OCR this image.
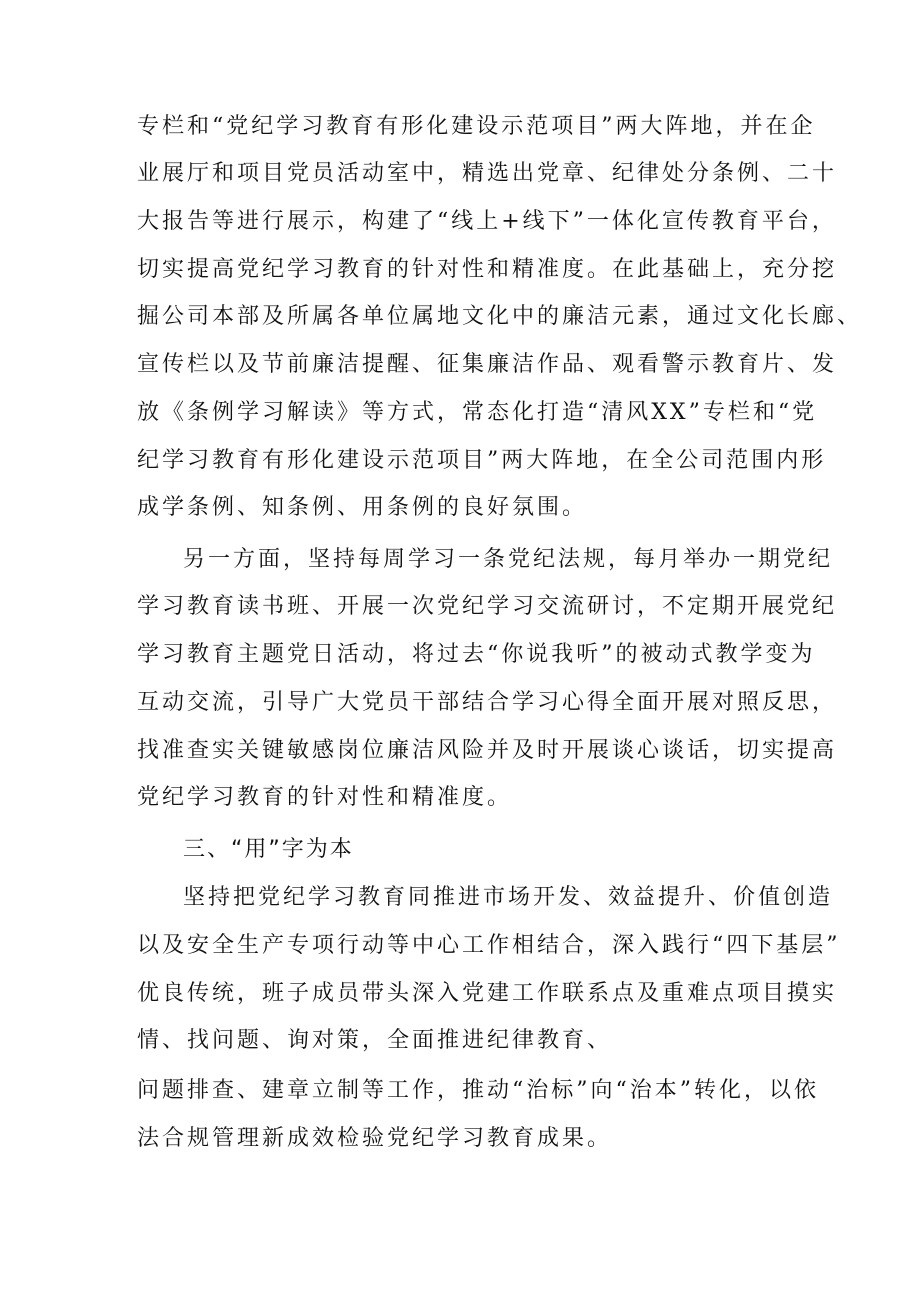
专栏和“党纪学习教育有形化建设示范项目”两大阵地，并在企
业展厅和项目党员活动室中，精选出党章、纪律处分条例、二十
大报告等进行展示，构建了“线上+线下”一体化宣传教育平台，
切实提高党纪学习教育的针对性和精准度。在此基础上，充分挖
掘公司本部及所属各单位属地文化中的廉洁元素，通过文化长廊、
宣传栏以及节前廉洁提醒、征集廉洁作品、观看警示教育片、发
放《条例学习解读》等方式，常态化打造“清风XX”专栏和“党
纪学习教育有形化建设示范项目”两大阵地，在全公司范围内形
成学条例、知条例、用条例的良好氛围。
另一方面，坚持每周学习一条党纪法规，每月举办一期党纪
学习教育读书班、开展一次党纪学习交流研讨，不定期开展党纪
学习教育主题党日活动，将过去“你说我听”的被动式教学变为
互动交流，引导广大党员干部结合学习心得全面开展对照反思，
找准查实关键敏感岗位廉洁风险并及时开展谈心谈话，切实提高
党纪学习教育的针对性和精准度。
三、“用”字为本
坚持把党纪学习教育同推进市场开发、效益提升、价值创造
以及安全生产专项行动等中心工作相结合，深入践行“四下基层”
优良传统，班子成员带头深入党建工作联系点及重难点项目摸实
情、找问题、询对策，全面推进纪律教育、
问题排查、建章立制等工作，推动“治标”向“治本”转化，以依
法合规管理新成效检验党纪学习教育成果。
